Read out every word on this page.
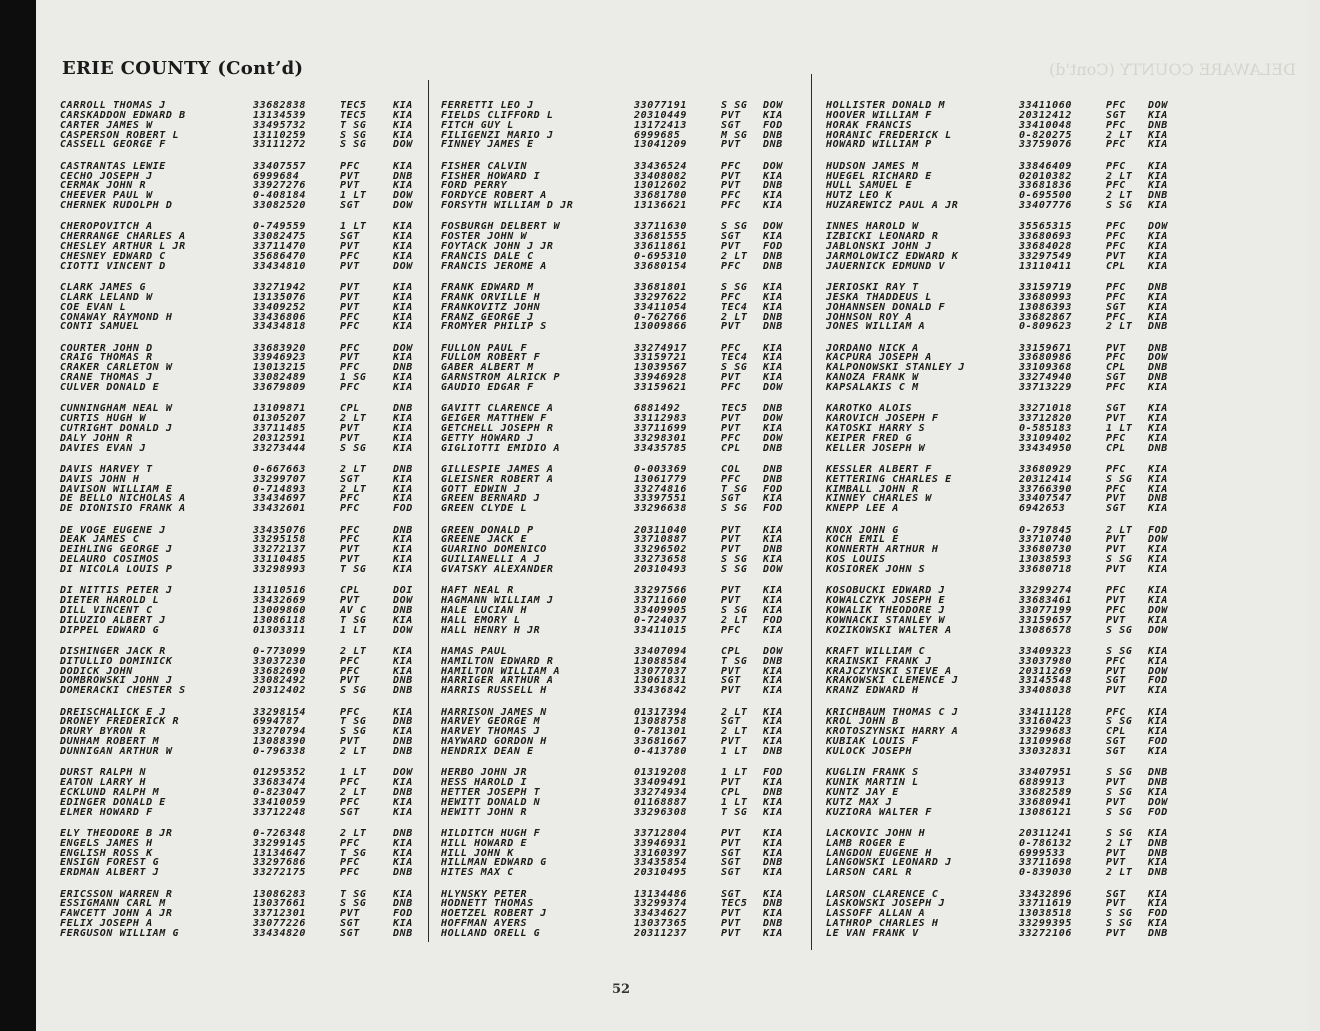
DELAWARE COUNTY (Cont'd)
ERIE COUNTY (Cont’d)
CARROLL THOMAS J	33682838	TEC5	KIA
CARSKADDON EDWARD B	13134539	TEC5	KIA
CARTER JAMES W	33495732	T SG	KIA
CASPERSON ROBERT L	13110259	S SG	KIA
CASSELL GEORGE F	33111272	S SG	DOW
CASTRANTAS LEWIE	33407557	PFC	KIA
CECHO JOSEPH J	6999684	PVT	DNB
CERMAK JOHN R	33927276	PVT	KIA
CHEEVER PAUL W	0-408184	1 LT	DOW
CHERNEK RUDOLPH D	33082520	SGT	DOW
CHEROPOVITCH A	0-749559	1 LT	KIA
CHERRANGE CHARLES A	33082475	SGT	KIA
CHESLEY ARTHUR L JR	33711470	PVT	KIA
CHESNEY EDWARD C	35686470	PFC	KIA
CIOTTI VINCENT D	33434810	PVT	DOW
CLARK JAMES G	33271942	PVT	KIA
CLARK LELAND W	13135076	PVT	KIA
COE EVAN L	33409252	PVT	KIA
CONAWAY RAYMOND H	33436806	PFC	KIA
CONTI SAMUEL	33434818	PFC	KIA
COURTER JOHN D	33683920	PFC	DOW
CRAIG THOMAS R	33946923	PVT	KIA
CRAKER CARLETON W	13013215	PFC	DNB
CRANE THOMAS J	33082489	1 SG	KIA
CULVER DONALD E	33679809	PFC	KIA
CUNNINGHAM NEAL W	13109871	CPL	DNB
CURTIS HUGH W	01305207	2 LT	KIA
CUTRIGHT DONALD J	33711485	PVT	KIA
DALY JOHN R	20312591	PVT	KIA
DAVIES EVAN J	33273444	S SG	KIA
DAVIS HARVEY T	0-667663	2 LT	DNB
DAVIS JOHN H	33299707	SGT	KIA
DAVISON WILLIAM E	0-714893	2 LT	KIA
DE BELLO NICHOLAS A	33434697	PFC	KIA
DE DIONISIO FRANK A	33432601	PFC	FOD
DE VOGE EUGENE J	33435076	PFC	DNB
DEAK JAMES C	33295158	PFC	KIA
DEIHLING GEORGE J	33272137	PVT	KIA
DELAURO COSIMOS	33110485	PVT	KIA
DI NICOLA LOUIS P	33298993	T SG	KIA
DI NITTIS PETER J	13110516	CPL	DOI
DIETER HAROLD L	33432669	PVT	DOW
DILL VINCENT C	13009860	AV C	DNB
DILUZIO ALBERT J	13086118	T SG	KIA
DIPPEL EDWARD G	01303311	1 LT	DOW
DISHINGER JACK R	0-773099	2 LT	KIA
DITULLIO DOMINICK	33037230	PFC	KIA
DODICK JOHN	33682690	PFC	KIA
DOMBROWSKI JOHN J	33082492	PVT	DNB
DOMERACKI CHESTER S	20312402	S SG	DNB
DREISCHALICK E J	33298154	PFC	KIA
DRONEY FREDERICK R	6994787	T SG	DNB
DRURY BYRON R	33270794	S SG	KIA
DUNHAM ROBERT M	13088390	PVT	DNB
DUNNIGAN ARTHUR W	0-796338	2 LT	DNB
DURST RALPH N	01295352	1 LT	DOW
EATON LARRY H	33683474	PFC	KIA
ECKLUND RALPH M	0-823047	2 LT	DNB
EDINGER DONALD E	33410059	PFC	KIA
ELMER HOWARD F	33712248	SGT	KIA
ELY THEODORE B JR	0-726348	2 LT	DNB
ENGELS JAMES H	33299145	PFC	KIA
ENGLISH ROSS K	13134647	T SG	KIA
ENSIGN FOREST G	33297686	PFC	KIA
ERDMAN ALBERT J	33272175	PFC	DNB
ERICSSON WARREN R	13086283	T SG	KIA
ESSIGMANN CARL M	13037661	S SG	DNB
FAWCETT JOHN A JR	33712301	PVT	FOD
FELIX JOSEPH A	33077226	SGT	KIA
FERGUSON WILLIAM G	33434820	SGT	DNB
FERRETTI LEO J	33077191	S SG DOW
FIELDS CLIFFORD L	20310449	PVT KIA
FITCH GUY L	13172413	SGT FOD
FILIGENZI MARIO J	6999685	M SG DNB
FINNEY JAMES E	13041209	PVT DNB
FISHER CALVIN	33436524	PFC DOW
FISHER HOWARD I	33408082	PVT KIA
FORD PERRY	13012602	PVT DNB
FORDYCE ROBERT A	33681780	PFC KIA
FORSYTH WILLIAM D JR	13136621	PFC KIA
FOSBURGH DELBERT W	33711630	S SG DOW
FOSTER JOHN W	33681555	SGT KIA
FOYTACK JOHN J JR	33611861	PVT FOD
FRANCIS DALE C	0-695310	2 LT DNB
FRANCIS JEROME A	33680154	PFC DNB
FRANK EDWARD M	33681801	S SG KIA
FRANK ORVILLE H	33297622	PFC KIA
FRANKOVITZ JOHN	33411054	TEC4 KIA
FRANZ GEORGE J	0-762766	2 LT DNB
FROMYER PHILIP S	13009866	PVT DNB
FULLON PAUL F	33274917	PFC KIA
FULLOM ROBERT F	33159721	TEC4 KIA
GABER ALBERT M	13039567	S SG KIA
GARNSTROM ALRICK P	33946928	PVT KIA
GAUDIO EDGAR F	33159621	PFC DOW
GAVITT CLARENCE A	6881492	TEC5 DNB
GEIGER MATTHEW F	33112983	PVT DOW
GETCHELL JOSEPH R	33711699	PVT KIA
GETTY HOWARD J	33298301	PFC DOW
GIGLIOTTI EMIDIO A	33435785	CPL DNB
GILLESPIE JAMES A	0-003369	COL DNB
GLEISNER ROBERT A	13061779	PFC DNB
GOTT EDWIN J	33274816	T SG FOD
GREEN BERNARD J	33397551	SGT KIA
GREEN CLYDE L	33296638	S SG FOD
GREEN DONALD P	20311040	PVT KIA
GREENE JACK E	33710887	PVT KIA
GUARINO DOMENICO	33296502	PVT DNB
GUILIANELLI A J	33273658	S SG KIA
GVATSKY ALEXANDER	20310493	S SG DOW
HAFT NEAL R	33297566	PVT KIA
HAGMANN WILLIAM J	33711660	PVT KIA
HALE LUCIAN H	33409905	S SG KIA
HALL EMORY L	0-724037	2 LT FOD
HALL HENRY H JR	33411015	PFC KIA
HAMAS PAUL	33407094	CPL DOW
HAMILTON EDWARD R	13088584	T SG DNB
HAMILTON WILLIAM A	33077037	PVT KIA
HARRIGER ARTHUR A	13061831	SGT KIA
HARRIS RUSSELL H	33436842	PVT KIA
HARRISON JAMES N	01317394	2 LT KIA
HARVEY GEORGE M	13088758	SGT KIA
HARVEY THOMAS J	0-781301	2 LT KIA
HAYWARD GORDON H	33681667	PVT KIA
HENDRIX DEAN E	0-413780	1 LT DNB
HERBO JOHN JR	01319208	1 LT FOD
HESS HAROLD I	33409491	PVT KIA
HETTER JOSEPH T	33274934	CPL DNB
HEWITT DONALD N	01168887	1 LT KIA
HEWITT JOHN R	33296308	T SG KIA
HILDITCH HUGH F	33712804	PVT KIA
HILL HOWARD E	33946931	PVT KIA
HILL JOHN K	33160397	SGT KIA
HILLMAN EDWARD G	33435854	SGT DNB
HITES MAX C	20310495	SGT KIA
HLYNSKY PETER	13134486	SGT KIA
HODNETT THOMAS	33299374	TEC5 DNB
HOETZEL ROBERT J	33434627	PVT KIA
HOFFMAN AYERS	13037365	PVT DNB
HOLLAND ORELL G	20311237	PVT KIA
HOLLISTER DONALD M	33411060	PFC DOW
HOOVER WILLIAM F	20312412	SGT KIA
HORAK FRANCIS	33410048	PFC DNB
HORANIC FREDERICK L	0-820275	2 LT KIA
HOWARD WILLIAM P	33759076	PFC KIA
HUDSON JAMES M	33846409	PFC KIA
HUEGEL RICHARD E	02010382	2 LT KIA
HULL SAMUEL E	33681836	PFC KIA
HUTZ LEO K	0-695500	2 LT DNB
HUZAREWICZ PAUL A JR	33407776	S SG KIA
INNES HAROLD W	35565315	PFC DOW
IZBICKI LEONARD R	33680693	PFC KIA
JABLONSKI JOHN J	33684028	PFC KIA
JARMOLOWICZ EDWARD K	33297549	PVT KIA
JAUERNICK EDMUND V	13110411	CPL KIA
JERIOSKI RAY T	33159719	PFC DNB
JESKA THADDEUS L	33680993	PFC KIA
JOHANNSEN DONALD F	13086393	SGT KIA
JOHNSON ROY A	33682867	PFC KIA
JONES WILLIAM A	0-809623	2 LT DNB
JORDANO NICK A	33159671	PVT DNB
KACPURA JOSEPH A	33680986	PFC DOW
KALPONOWSKI STANLEY J	33109368	CPL DNB
KANOZA FRANK W	33274940	SGT DNB
KAPSALAKIS C M	33713229	PFC KIA
KAROTKO ALOIS	33271018	SGT KIA
KAROVICH JOSEPH F	33712820	PVT KIA
KATOSKI HARRY S	0-585183	1 LT KIA
KEIPER FRED G	33109402	PFC KIA
KELLER JOSEPH W	33434950	CPL DNB
KESSLER ALBERT F	33680929	PFC KIA
KETTERING CHARLES E	20312414	S SG KIA
KIMBALL JOHN R	33766390	PFC KIA
KINNEY CHARLES W	33407547	PVT DNB
KNEPP LEE A	6942653	SGT KIA
KNOX JOHN G	0-797845	2 LT FOD
KOCH EMIL E	33710740	PVT DOW
KONNERTH ARTHUR H	33680730	PVT KIA
KOS LOUIS	13038593	S SG KIA
KOSIOREK JOHN S	33680718	PVT KIA
KOSOBUCKI EDWARD J	33299274	PFC KIA
KOWALCZYK JOSEPH E	33683461	PVT KIA
KOWALIK THEODORE J	33077199	PFC DOW
KOWNACKI STANLEY W	33159657	PVT KIA
KOZIKOWSKI WALTER A	13086578	S SG DOW
KRAFT WILLIAM C	33409323	S SG KIA
KRAINSKI FRANK J	33037980	PFC KIA
KRAJCZYNSKI STEVE A	20311269	PVT DOW
KRAKOWSKI CLEMENCE J	33145548	SGT FOD
KRANZ EDWARD H	33408038	PVT KIA
KRICHBAUM THOMAS C J	33411128	PFC KIA
KROL JOHN B	33160423	S SG KIA
KROTOSZYNSKI HARRY A	33299683	CPL KIA
KUBIAK LOUIS F	13109968	SGT FOD
KULOCK JOSEPH	33032831	SGT KIA
KUGLIN FRANK S	33407951	S SG DNB
KUNIK MARTIN L	6889913	PVT DNB
KUNTZ JAY E	33682589	S SG KIA
KUTZ MAX J	33680941	PVT DOW
KUZIORA WALTER F	13086121	S SG FOD
LACKOVIC JOHN H	20311241	S SG KIA
LAMB ROGER E	0-786132	2 LT DNB
LANGDON EUGENE H	6999533	PVT DNB
LANGOWSKI LEONARD J	33711698	PVT KIA
LARSON CARL R	0-839030	2 LT DNB
LARSON CLARENCE C	33432896	SGT KIA
LASKOWSKI JOSEPH J	33711619	PVT KIA
LASSOFF ALLAN A	13038518	S SG FOD
LATHROP CHARLES H	33299395	S SG KIA
LE VAN FRANK V	33272106	PVT DNB
52
